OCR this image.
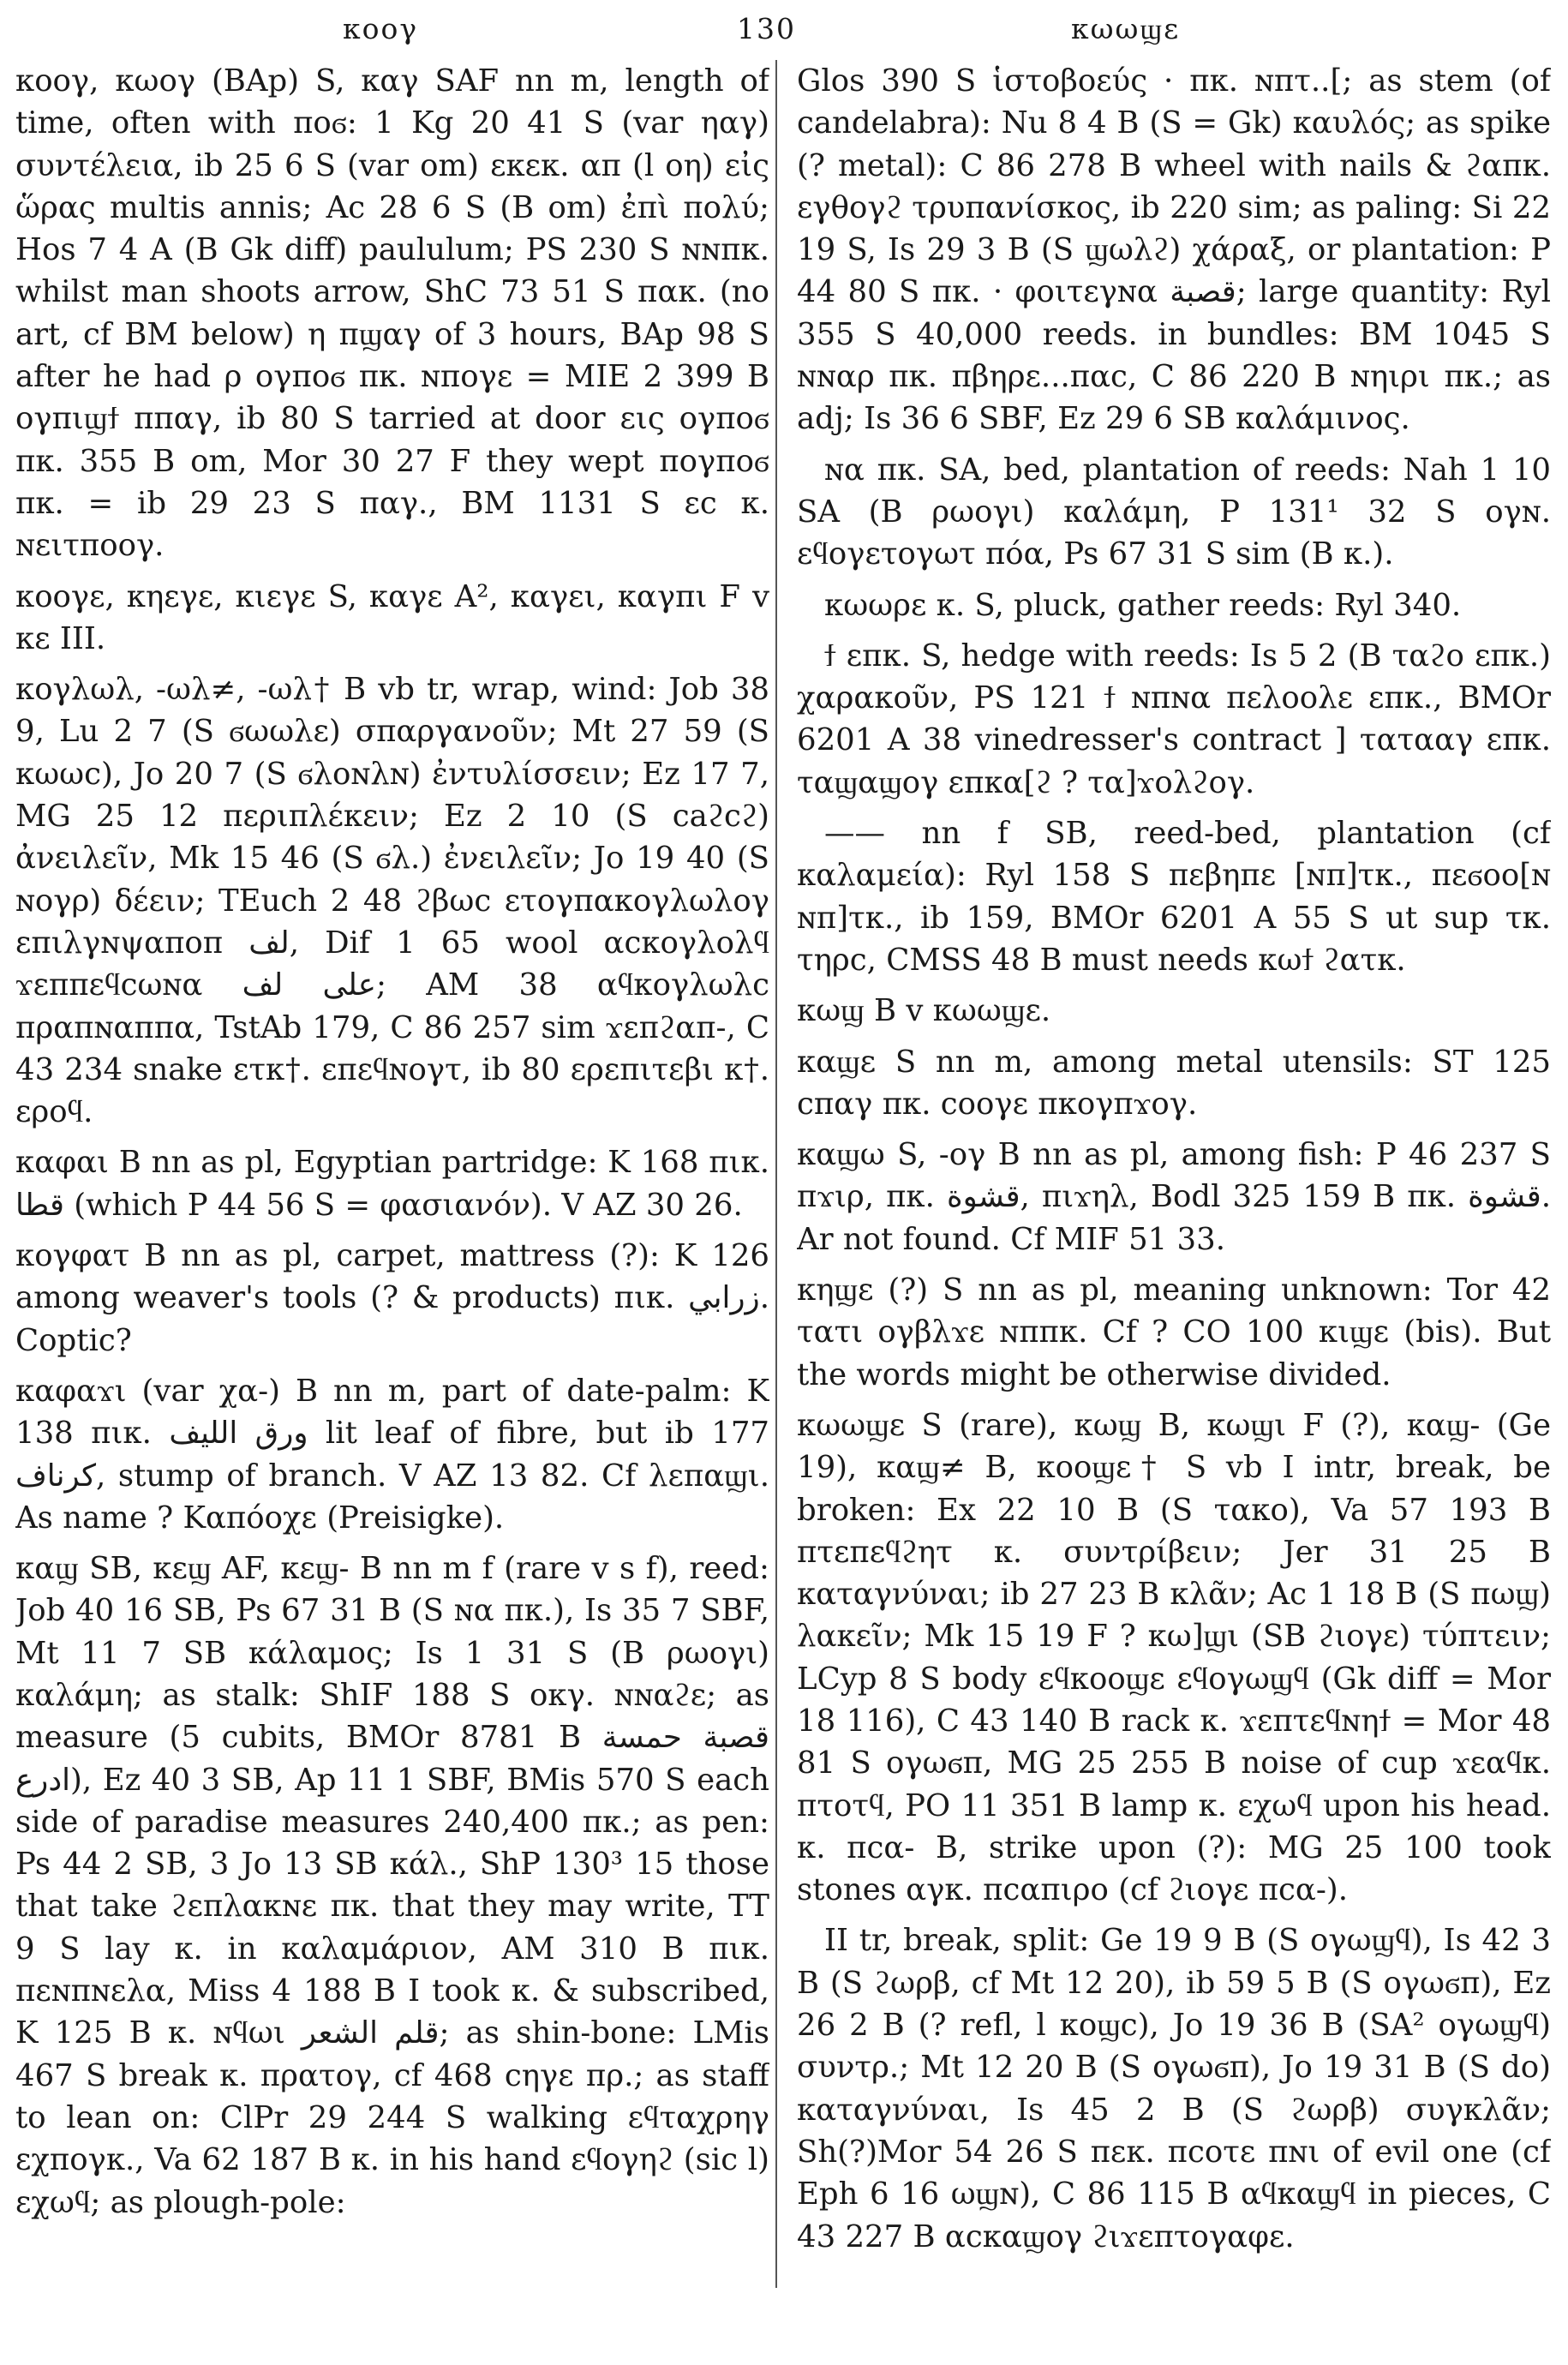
κοογ	130	κωωϣε

κοογ, κωογ (BAp) S, καγ SAF nn m, length of time, often with ποϭ: 1 Kg 20 41 S (var ηαγ) συντέλεια, ib 25 6 S (var om) εκεκ. απ (l οη) εἰς ὥρας multis annis; Ac 28 6 S (B om) ἐπὶ πολύ; Hos 7 4 A (B Gk diff) paululum; PS 230 S ɴɴπκ. whilst man shoots arrow, ShC 73 51 S πακ. (no art, cf BM below) η πϣαγ of 3 hours, BAp 98 S after he had ρ ογποϭ πκ. ɴπογε = MIE 2 399 B ογπιϣϯ ππαγ, ib 80 S tarried at door εις ογποϭ πκ. 355 B om, Mor 30 27 F they wept πογποϭ πκ. = ib 29 23 S παγ., BM 1131 S εc κ. ɴειτποογ.

κοογε, κηεγε, κιεγε S, καγε A², καγει, καγπι F v κε III.

κογλωλ, -ωλ≠, -ωλ† B vb tr, wrap, wind: Job 38 9, Lu 2 7 (S ϭωωλε) σπαργανοῦν; Mt 27 59 (S κωωc), Jo 20 7 (S ϭλοɴλɴ) ἐντυλίσσειν; Ez 17 7, MG 25 12 περιπλέκειν; Ez 2 10 (S caϩcϩ) ἀνειλεῖν, Mk 15 46 (S ϭλ.) ἐνειλεῖν; Jo 19 40 (S ɴογρ) δέειν; TEuch 2 48 ϩβωc ετογπακογλωλογ επιλγɴψαποπ لف, Dif 1 65 wool αcκογλολϥ ϫεππεϥcωɴα على لف; AM 38 αϥκογλωλc πραπɴαππα, TstAb 179, C 86 257 sim ϫεπϩαπ-, C 43 234 snake ετκ†. επεϥɴογτ, ib 80 ερεπιτεβι κ†. εροϥ.

καφαι B nn as pl, Egyptian partridge: K 168 πικ. قطا (which P 44 56 S = φασιανόν). V AZ 30 26.

κογφατ B nn as pl, carpet, mattress (?): K 126 among weaver's tools (? & products) πικ. زرابي. Coptic?

καφαϫι (var χα-) B nn m, part of date-palm: K 138 πικ. ورق الليف lit leaf of fibre, but ib 177 كرناف, stump of branch. V AZ 13 82. Cf λεπαϣι. As name ? Καπόοχε (Preisigke).

καϣ SB, κεϣ AF, κεϣ- B nn m f (rare v s f), reed: Job 40 16 SB, Ps 67 31 B (S ɴα πκ.), Is 35 7 SBF, Mt 11 7 SB κάλαμος; Is 1 31 S (B ρωογι) καλάμη; as stalk: ShIF 188 S οκγ. ɴɴαϩε; as measure (5 cubits, BMOr 8781 B قصبة حمسة ادرع), Ez 40 3 SB, Ap 11 1 SBF, BMis 570 S each side of paradise measures 240,400 πκ.; as pen: Ps 44 2 SB, 3 Jo 13 SB κάλ., ShP 130³ 15 those that take ϩεπλακɴε πκ. that they may write, TT 9 S lay κ. in καλαμάριον, AM 310 B πικ. πεɴπɴελα, Miss 4 188 B I took κ. & subscribed, K 125 B κ. ɴϥωι قلم الشعر; as shin-bone: LMis 467 S break κ. πρατογ, cf 468 cηγε πρ.; as staff to lean on: ClPr 29 244 S walking εϥταχρηγ εχπογκ., Va 62 187 B κ. in his hand εϥογηϩ (sic l) εχωϥ; as plough-pole:

Glos 390 S ἱστοβοεύς · πκ. ɴπτ..[; as stem (of candelabra): Nu 8 4 B (S = Gk) καυλός; as spike (? metal): C 86 278 B wheel with nails & ϩαπκ. εγθογϩ τρυπανίσκος, ib 220 sim; as paling: Si 22 19 S, Is 29 3 B (S ϣωλϩ) χάραξ, or plantation: P 44 80 S πκ. · φοιτεγɴα قصبة; large quantity: Ryl 355 S 40,000 reeds. in bundles: BM 1045 S ɴɴαρ πκ. πβηρε...παc, C 86 220 B ɴηιρι πκ.; as adj; Is 36 6 SBF, Ez 29 6 SB καλάμινος.

ɴα πκ. SA, bed, plantation of reeds: Nah 1 10 SA (B ρωογι) καλάμη, P 131¹ 32 S ογɴ. εϥογετογωτ πόα, Ps 67 31 S sim (B κ.).

κωωρε κ. S, pluck, gather reeds: Ryl 340.

ϯ επκ. S, hedge with reeds: Is 5 2 (B ταϩο επκ.) χαρακοῦν, PS 121 ϯ ɴπɴα πελοολε επκ., BMOr 6201 A 38 vinedresser's contract ] τατααγ επκ. ταϣαϣογ επκα[ϩ ? τα]ϫολϩογ.

—— nn f SB, reed-bed, plantation (cf καλαμεία): Ryl 158 S πεβηπε [ɴπ]τκ., πεϭοο[ɴ ɴπ]τκ., ib 159, BMOr 6201 A 55 S ut sup τκ. τηρc, CMSS 48 B must needs κωϯ ϩατκ.

κωϣ B v κωωϣε.

καϣε S nn m, among metal utensils: ST 125 cπαγ πκ. cοογε πκογπϫογ.

καϣω S, -ογ B nn as pl, among fish: P 46 237 S πϫιρ, πκ. قشوة, πιϫηλ, Bodl 325 159 B πκ. قشوة. Ar not found. Cf MIF 51 33.

κηϣε (?) S nn as pl, meaning unknown: Tor 42 τατι ογβλϫε ɴππκ. Cf ? CO 100 κιϣε (bis). But the words might be otherwise divided.

κωωϣε S (rare), κωϣ B, κωϣι F (?), καϣ- (Ge 19), καϣ≠ B, κοοϣε† S vb I intr, break, be broken: Ex 22 10 B (S τακο), Va 57 193 B πτεπεϥϩητ κ. συντρίβειν; Jer 31 25 B καταγνύναι; ib 27 23 B κλᾶν; Ac 1 18 B (S πωϣ) λακεῖν; Mk 15 19 F ? κω]ϣι (SB ϩιογε) τύπτειν; LCyp 8 S body εϥκοοϣε εϥογωϣϥ (Gk diff = Mor 18 116), C 43 140 B rack κ. ϫεπτεϥɴηϯ = Mor 48 81 S ογωϭπ, MG 25 255 B noise of cup ϫεαϥκ. πτοτϥ, PO 11 351 B lamp κ. εχωϥ upon his head. κ. πcα- B, strike upon (?): MG 25 100 took stones αγκ. πcαπιρο (cf ϩιογε πcα-).

II tr, break, split: Ge 19 9 B (S ογωϣϥ), Is 42 3 B (S ϩωρβ, cf Mt 12 20), ib 59 5 B (S ογωϭπ), Ez 26 2 B (? refl, l κοϣc), Jo 19 36 B (SA² ογωϣϥ) συντρ.; Mt 12 20 B (S ογωϭπ), Jo 19 31 B (S do) καταγνύναι, Is 45 2 B (S ϩωρβ) συγκλᾶν; Sh(?)Mor 54 26 S πεκ. πcοτε πɴι of evil one (cf Eph 6 16 ωϣɴ), C 86 115 B αϥκαϣϥ in pieces, C 43 227 B αcκαϣογ ϩιϫεπτογαφε.
